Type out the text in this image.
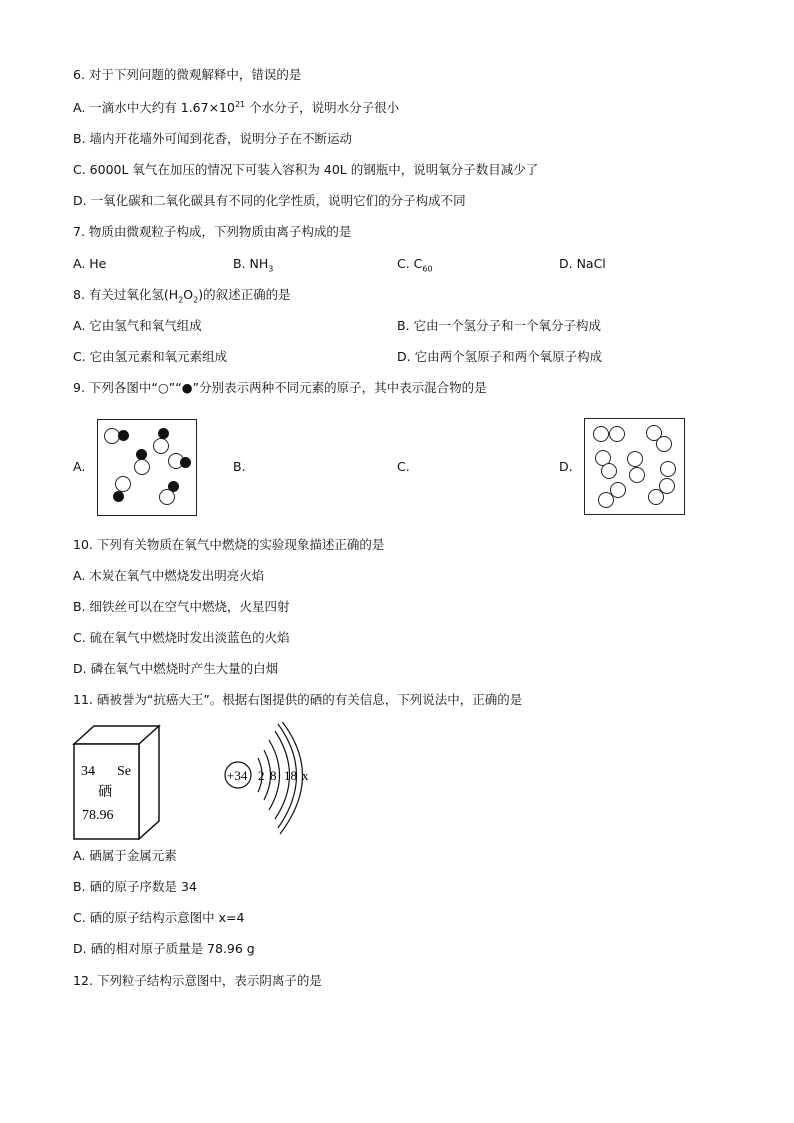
6. 对于下列问题的微观解释中，错误的是
A. 一滴水中大约有 $1.67\times 10^{21}$ 个水分子，说明水分子很小
B. 墙内开花墙外可闻到花香，说明分子在不断运动
C. 6000L 氧气在加压的情况下可装入容积为 40L 的钢瓶中，说明氧分子数目减少了
D. 一氧化碳和二氧化碳具有不同的化学性质，说明它们的分子构成不同
7. 物质由微观粒子构成，下列物质由离子构成的是
A. He	B. $NH_3$	C. $C_{60}$	D. NaCl
8. 有关过氧化氢$(H_2O_2)$的叙述正确的是
A. 它由氢气和氧气组成	B. 它由一个氢分子和一个氧分子构成
C. 它由氢元素和氧元素组成	D. 它由两个氢原子和两个氧原子构成
9. 下列各图中“○”“●”分别表示两种不同元素的原子，其中表示混合物的是
A.	B.	C.	D.
10. 下列有关物质在氧气中燃烧的实验现象描述正确的是
A. 木炭在氧气中燃烧发出明亮火焰
B. 细铁丝可以在空气中燃烧，火星四射
C. 硫在氧气中燃烧时发出淡蓝色的火焰
D. 磷在氧气中燃烧时产生大量的白烟
11. 硒被誉为“抗癌大王”。根据右图提供的硒的有关信息，下列说法中，正确的是
34 Se
硒
78.96
+34 2 8 18 x
A. 硒属于金属元素
B. 硒的原子序数是 34
C. 硒的原子结构示意图中 x=4
D. 硒的相对原子质量是 78.96 g
12. 下列粒子结构示意图中，表示阴离子的是
